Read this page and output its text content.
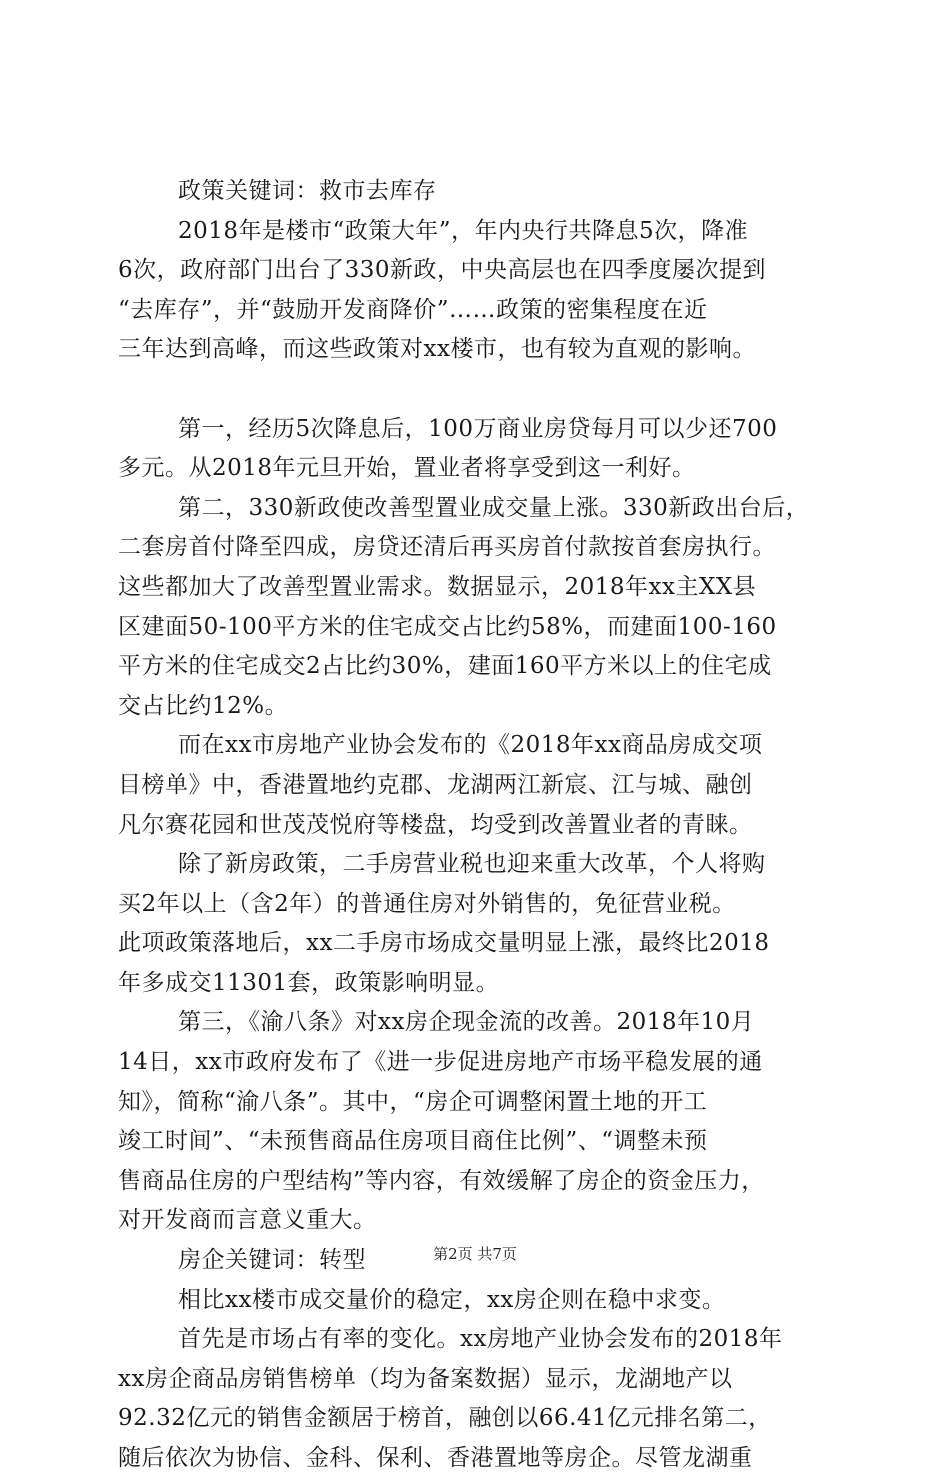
政策关键词：救市去库存
2018年是楼市“政策大年”，年内央行共降息5次，降准
6次，政府部门出台了330新政，中央高层也在四季度屡次提到
“去库存”，并“鼓励开发商降价”……政策的密集程度在近
三年达到高峰，而这些政策对xx楼市，也有较为直观的影响。
第一，经历5次降息后，100万商业房贷每月可以少还700
多元。从2018年元旦开始，置业者将享受到这一利好。
第二，330新政使改善型置业成交量上涨。330新政出台后，
二套房首付降至四成，房贷还清后再买房首付款按首套房执行。
这些都加大了改善型置业需求。数据显示，2018年xx主XX县
区建面50-100平方米的住宅成交占比约58%，而建面100-160
平方米的住宅成交2占比约30%，建面160平方米以上的住宅成
交占比约12%。
而在xx市房地产业协会发布的《2018年xx商品房成交项
目榜单》中，香港置地约克郡、龙湖两江新宸、江与城、融创
凡尔赛花园和世茂茂悦府等楼盘，均受到改善置业者的青睐。
除了新房政策，二手房营业税也迎来重大改革，个人将购
买2年以上（含2年）的普通住房对外销售的，免征营业税。
此项政策落地后，xx二手房市场成交量明显上涨，最终比2018
年多成交11301套，政策影响明显。
第三，《渝八条》对xx房企现金流的改善。2018年10月
14日，xx市政府发布了《进一步促进房地产市场平稳发展的通
知》，简称“渝八条”。其中，“房企可调整闲置土地的开工
竣工时间”、“未预售商品住房项目商住比例”、“调整未预
售商品住房的户型结构”等内容，有效缓解了房企的资金压力，
对开发商而言意义重大。
房企关键词：转型
相比xx楼市成交量价的稳定，xx房企则在稳中求变。
首先是市场占有率的变化。xx房地产业协会发布的2018年
xx房企商品房销售榜单（均为备案数据）显示，龙湖地产以
92.32亿元的销售金额居于榜首，融创以66.41亿元排名第二，
随后依次为协信、金科、保利、香港置地等房企。尽管龙湖重
第2页 共7页
